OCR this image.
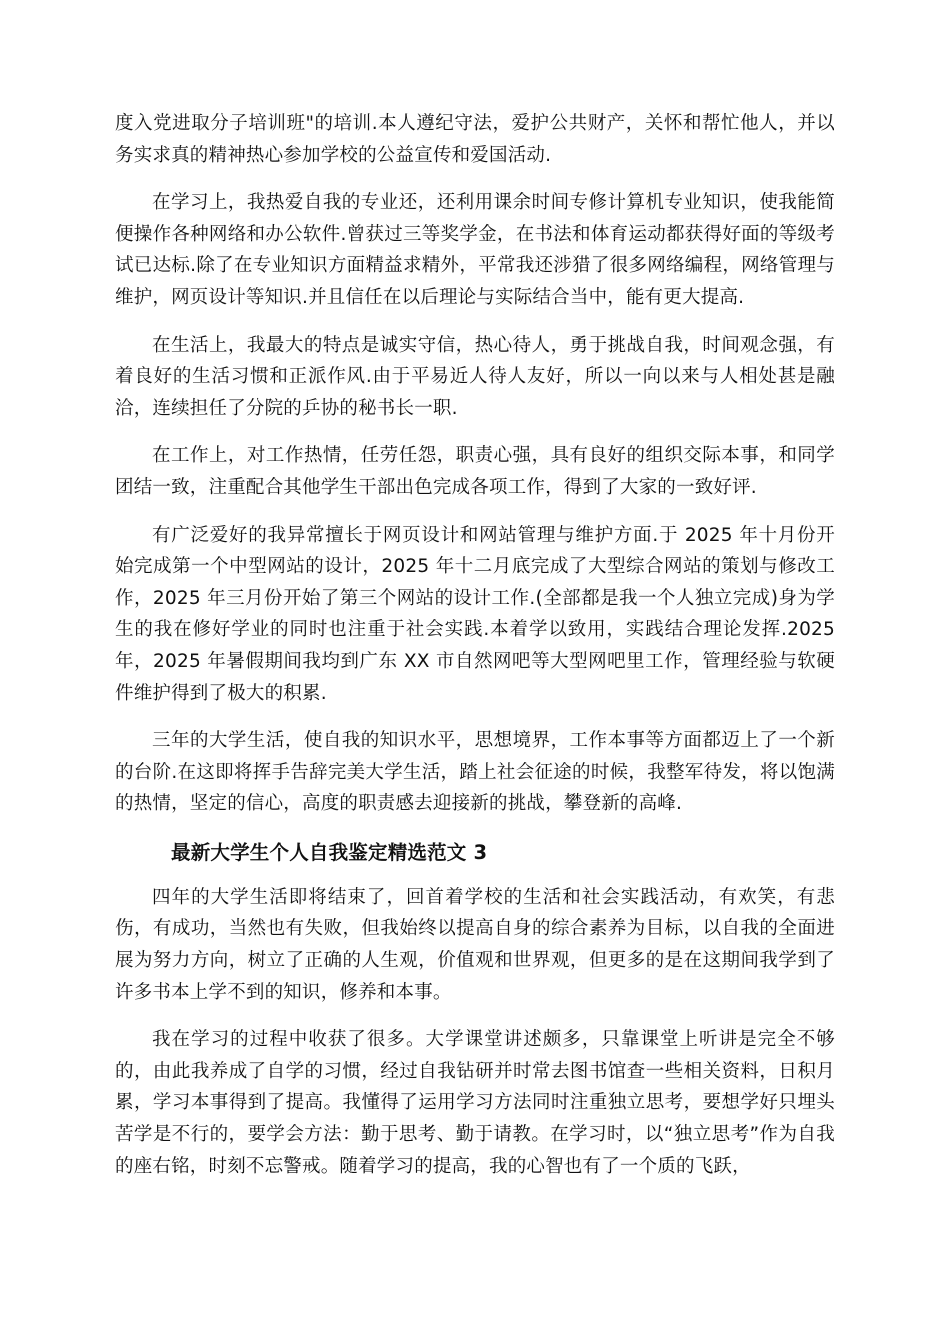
度入党进取分子培训班"的培训.本人遵纪守法，爱护公共财产，关怀和帮忙他人，并以务实求真的精神热心参加学校的公益宣传和爱国活动.

在学习上，我热爱自我的专业还，还利用课余时间专修计算机专业知识，使我能简便操作各种网络和办公软件.曾获过三等奖学金，在书法和体育运动都获得好面的等级考试已达标.除了在专业知识方面精益求精外，平常我还涉猎了很多网络编程，网络管理与维护，网页设计等知识.并且信任在以后理论与实际结合当中，能有更大提高.

在生活上，我最大的特点是诚实守信，热心待人，勇于挑战自我，时间观念强，有着良好的生活习惯和正派作风.由于平易近人待人友好，所以一向以来与人相处甚是融洽，连续担任了分院的乒协的秘书长一职.

在工作上，对工作热情，任劳任怨，职责心强，具有良好的组织交际本事，和同学团结一致，注重配合其他学生干部出色完成各项工作，得到了大家的一致好评.

有广泛爱好的我异常擅长于网页设计和网站管理与维护方面.于 2025 年十月份开始完成第一个中型网站的设计，2025 年十二月底完成了大型综合网站的策划与修改工作，2025 年三月份开始了第三个网站的设计工作.(全部都是我一个人独立完成)身为学生的我在修好学业的同时也注重于社会实践.本着学以致用，实践结合理论发挥.2025 年，2025 年暑假期间我均到广东 XX 市自然网吧等大型网吧里工作，管理经验与软硬件维护得到了极大的积累.

三年的大学生活，使自我的知识水平，思想境界，工作本事等方面都迈上了一个新的台阶.在这即将挥手告辞完美大学生活，踏上社会征途的时候，我整军待发，将以饱满的热情，坚定的信心，高度的职责感去迎接新的挑战，攀登新的高峰.

最新大学生个人自我鉴定精选范文 3

四年的大学生活即将结束了，回首着学校的生活和社会实践活动，有欢笑，有悲伤，有成功，当然也有失败，但我始终以提高自身的综合素养为目标，以自我的全面进展为努力方向，树立了正确的人生观，价值观和世界观，但更多的是在这期间我学到了许多书本上学不到的知识，修养和本事。

我在学习的过程中收获了很多。大学课堂讲述颇多，只靠课堂上听讲是完全不够的，由此我养成了自学的习惯，经过自我钻研并时常去图书馆查一些相关资料，日积月累，学习本事得到了提高。我懂得了运用学习方法同时注重独立思考，要想学好只埋头苦学是不行的，要学会方法：勤于思考、勤于请教。在学习时，以“独立思考”作为自我的座右铭，时刻不忘警戒。随着学习的提高，我的心智也有了一个质的飞跃，
